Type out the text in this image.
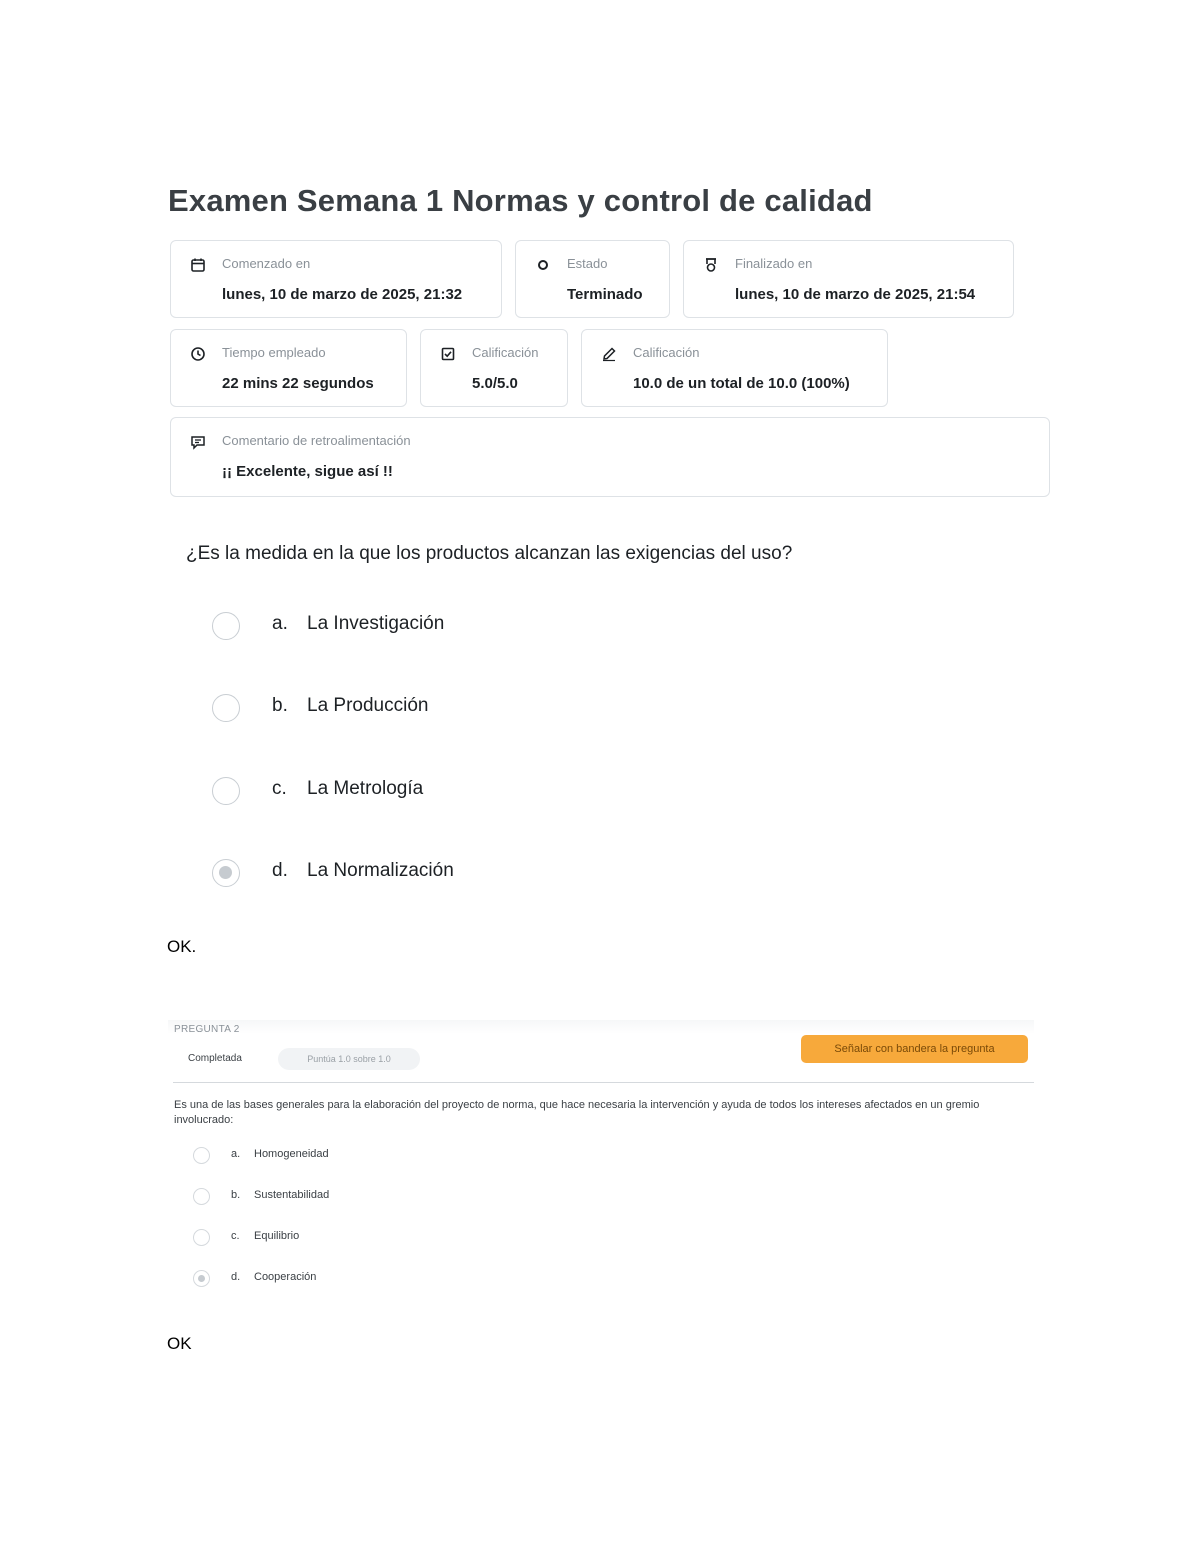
Examen Semana 1 Normas y control de calidad
Comenzado en
lunes, 10 de marzo de 2025, 21:32
Estado
Terminado
Finalizado en
lunes, 10 de marzo de 2025, 21:54
Tiempo empleado
22 mins 22 segundos
Calificación
5.0/5.0
Calificación
10.0 de un total de 10.0 (100%)
Comentario de retroalimentación
¡¡ Excelente, sigue así !!
¿Es la medida en la que los productos alcanzan las exigencias del uso?
a. La Investigación
b. La Producción
c. La Metrología
d. La Normalización
OK.
PREGUNTA 2
Completada	Puntúa 1.0 sobre 1.0
Señalar con bandera la pregunta
Es una de las bases generales para la elaboración del proyecto de norma, que hace necesaria la intervención y ayuda de todos los intereses afectados en un gremio involucrado:
a. Homogeneidad
b. Sustentabilidad
c. Equilibrio
d. Cooperación
OK
